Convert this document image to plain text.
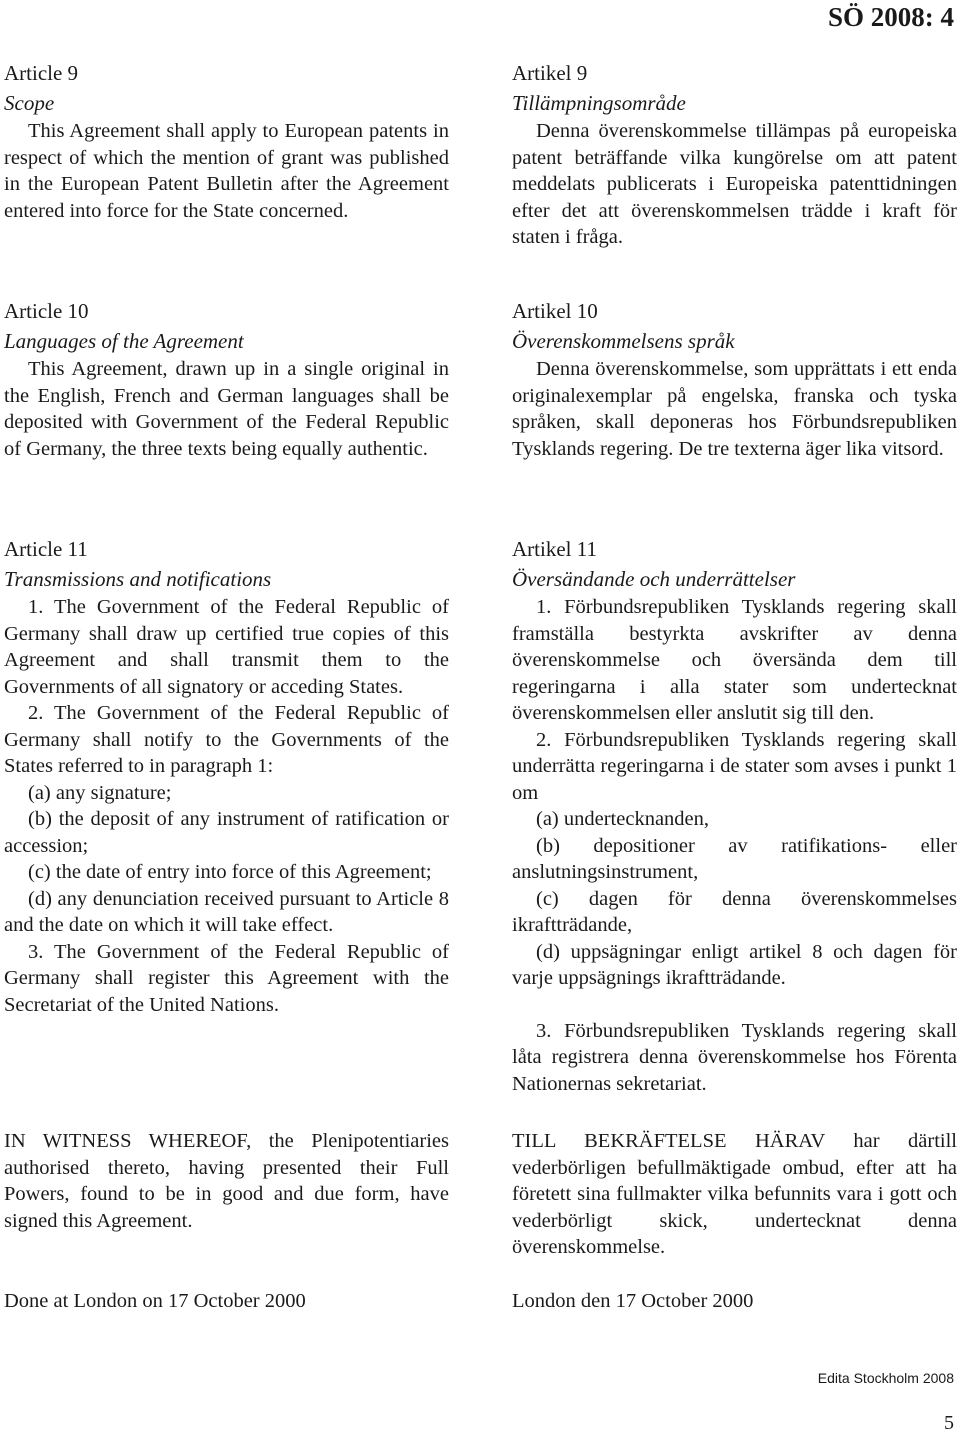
SÖ 2008: 4
Article 9
Scope

This Agreement shall apply to European patents in respect of which the mention of grant was published in the European Patent Bulletin after the Agreement entered into force for the State concerned.

Article 10
Languages of the Agreement

This Agreement, drawn up in a single original in the English, French and German languages shall be deposited with Government of the Federal Republic of Germany, the three texts being equally authentic.

Article 11
Transmissions and notifications

1. The Government of the Federal Republic of Germany shall draw up certified true copies of this Agreement and shall transmit them to the Governments of all signatory or acceding States.

2. The Government of the Federal Republic of Germany shall notify to the Governments of the States referred to in paragraph 1:

(a) any signature;

(b) the deposit of any instrument of ratification or accession;

(c) the date of entry into force of this Agreement;

(d) any denunciation received pursuant to Article 8 and the date on which it will take effect.

3. The Government of the Federal Republic of Germany shall register this Agreement with the Secretariat of the United Nations.

IN WITNESS WHEREOF, the Plenipotentiaries authorised thereto, having presented their Full Powers, found to be in good and due form, have signed this Agreement.

Done at London on 17 October 2000
Artikel 9
Tillämpningsområde

Denna överenskommelse tillämpas på europeiska patent beträffande vilka kungörelse om att patent meddelats publicerats i Europeiska patenttidningen efter det att överenskommelsen trädde i kraft för staten i fråga.

Artikel 10
Överenskommelsens språk

Denna överenskommelse, som upprättats i ett enda originalexemplar på engelska, franska och tyska språken, skall deponeras hos Förbundsrepubliken Tysklands regering. De tre texterna äger lika vitsord.

Artikel 11
Översändande och underrättelser

1. Förbundsrepubliken Tysklands regering skall framställa bestyrkta avskrifter av denna överenskommelse och översända dem till regeringarna i alla stater som undertecknat överenskommelsen eller anslutit sig till den.

2. Förbundsrepubliken Tysklands regering skall underrätta regeringarna i de stater som avses i punkt 1 om

(a) undertecknanden,

(b) depositioner av ratifikations- eller anslutningsinstrument,

(c) dagen för denna överenskommelses ikraftträdande,

(d) uppsägningar enligt artikel 8 och dagen för varje uppsägnings ikraftträdande.

3. Förbundsrepubliken Tysklands regering skall låta registrera denna överenskommelse hos Förenta Nationernas sekretariat.

TILL BEKRÄFTELSE HÄRAV har därtill vederbörligen befullmäktigade ombud, efter att ha företett sina fullmakter vilka befunnits vara i gott och vederbörligt skick, undertecknat denna överenskommelse.

London den 17 October 2000
Edita Stockholm 2008
5
